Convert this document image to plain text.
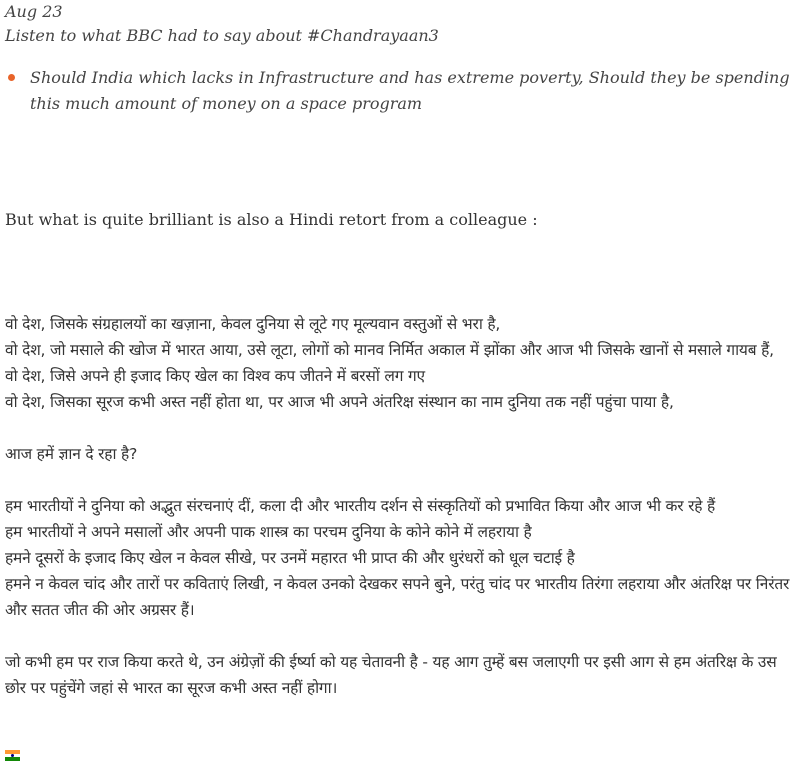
Aug 23
Listen to what BBC had to say about #Chandrayaan3
Should India which lacks in Infrastructure and has extreme poverty, Should they be spending this much amount of money on a space program
But what is quite brilliant is also a Hindi retort from a colleague :
वो देश, जिसके संग्रहालयों का खज़ाना, केवल दुनिया से लूटे गए मूल्यवान वस्तुओं से भरा है,
वो देश, जो मसाले की खोज में भारत आया, उसे लूटा, लोगों को मानव निर्मित अकाल में झोंका और आज भी जिसके खानों से मसाले गायब हैं,
वो देश, जिसे अपने ही इजाद किए खेल का विश्व कप जीतने में बरसों लग गए
वो देश, जिसका सूरज कभी अस्त नहीं होता था, पर आज भी अपने अंतरिक्ष संस्थान का नाम दुनिया तक नहीं पहुंचा पाया है,
आज हमें ज्ञान दे रहा है?
हम भारतीयों ने दुनिया को अद्भुत संरचनाएं दीं, कला दी और भारतीय दर्शन से संस्कृतियों को प्रभावित किया और आज भी कर रहे हैं
हम भारतीयों ने अपने मसालों और अपनी पाक शास्त्र का परचम दुनिया के कोने कोने में लहराया है
हमने दूसरों के इजाद किए खेल न केवल सीखे, पर उनमें महारत भी प्राप्त की और धुरंधरों को धूल चटाई है
हमने न केवल चांद और तारों पर कविताएं लिखी, न केवल उनको देखकर सपने बुने, परंतु चांद पर भारतीय तिरंगा लहराया और अंतरिक्ष पर निरंतर और सतत जीत की ओर अग्रसर हैं।
जो कभी हम पर राज किया करते थे, उन अंग्रेज़ों की ईर्ष्या को यह चेतावनी है - यह आग तुम्हें बस जलाएगी पर इसी आग से हम अंतरिक्ष के उस छोर पर पहुंचेंगे जहां से भारत का सूरज कभी अस्त नहीं होगा।
